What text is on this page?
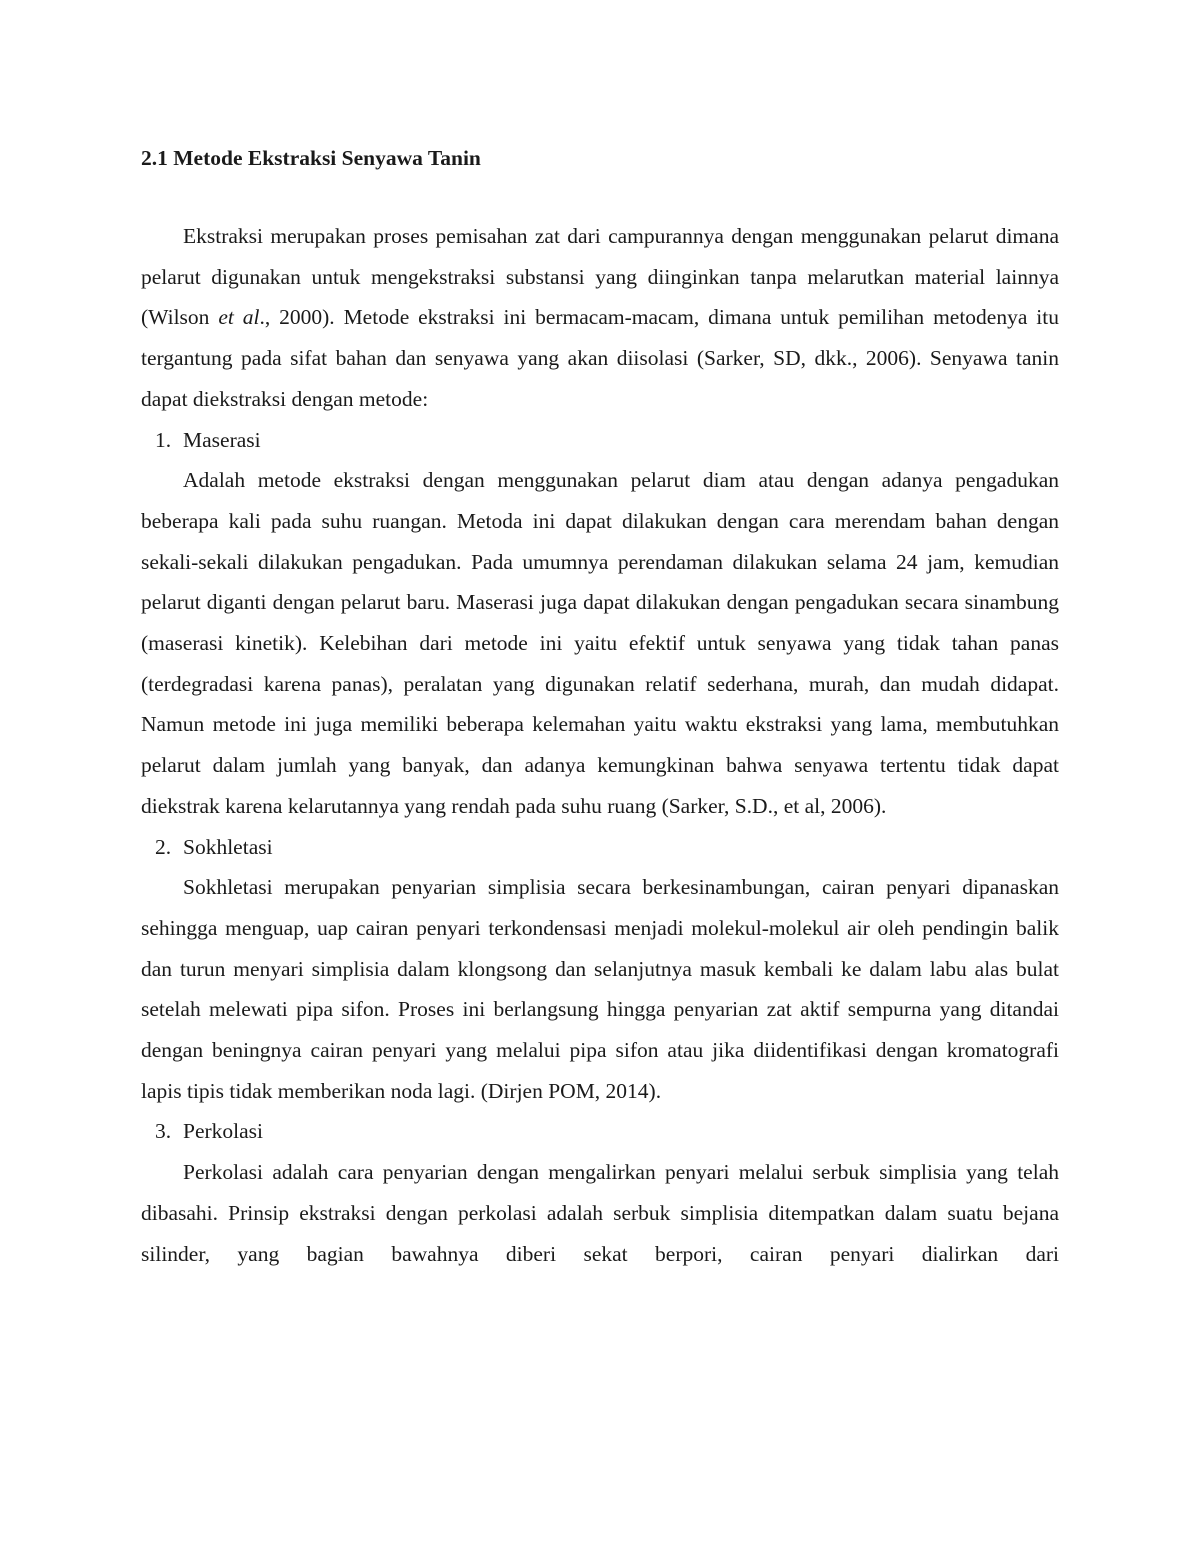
2.1 Metode Ekstraksi Senyawa Tanin

Ekstraksi merupakan proses pemisahan zat dari campurannya dengan menggunakan pelarut dimana pelarut digunakan untuk mengekstraksi substansi yang diinginkan tanpa melarutkan material lainnya (Wilson et al., 2000). Metode ekstraksi ini bermacam-macam, dimana untuk pemilihan metodenya itu tergantung pada sifat bahan dan senyawa yang akan diisolasi (Sarker, SD, dkk., 2006). Senyawa tanin dapat diekstraksi dengan metode:

1. Maserasi

Adalah metode ekstraksi dengan menggunakan pelarut diam atau dengan adanya pengadukan beberapa kali pada suhu ruangan. Metoda ini dapat dilakukan dengan cara merendam bahan dengan sekali-sekali dilakukan pengadukan. Pada umumnya perendaman dilakukan selama 24 jam, kemudian pelarut diganti dengan pelarut baru. Maserasi juga dapat dilakukan dengan pengadukan secara sinambung (maserasi kinetik). Kelebihan dari metode ini yaitu efektif untuk senyawa yang tidak tahan panas (terdegradasi karena panas), peralatan yang digunakan relatif sederhana, murah, dan mudah didapat. Namun metode ini juga memiliki beberapa kelemahan yaitu waktu ekstraksi yang lama, membutuhkan pelarut dalam jumlah yang banyak, dan adanya kemungkinan bahwa senyawa tertentu tidak dapat diekstrak karena kelarutannya yang rendah pada suhu ruang (Sarker, S.D., et al, 2006).

2. Sokhletasi

Sokhletasi merupakan penyarian simplisia secara berkesinambungan, cairan penyari dipanaskan sehingga menguap, uap cairan penyari terkondensasi menjadi molekul-molekul air oleh pendingin balik dan turun menyari simplisia dalam klongsong dan selanjutnya masuk kembali ke dalam labu alas bulat setelah melewati pipa sifon. Proses ini berlangsung hingga penyarian zat aktif sempurna yang ditandai dengan beningnya cairan penyari yang melalui pipa sifon atau jika diidentifikasi dengan kromatografi lapis tipis tidak memberikan noda lagi. (Dirjen POM, 2014).

3. Perkolasi

Perkolasi adalah cara penyarian dengan mengalirkan penyari melalui serbuk simplisia yang telah dibasahi. Prinsip ekstraksi dengan perkolasi adalah serbuk simplisia ditempatkan dalam suatu bejana silinder, yang bagian bawahnya diberi sekat berpori, cairan penyari dialirkan dari
